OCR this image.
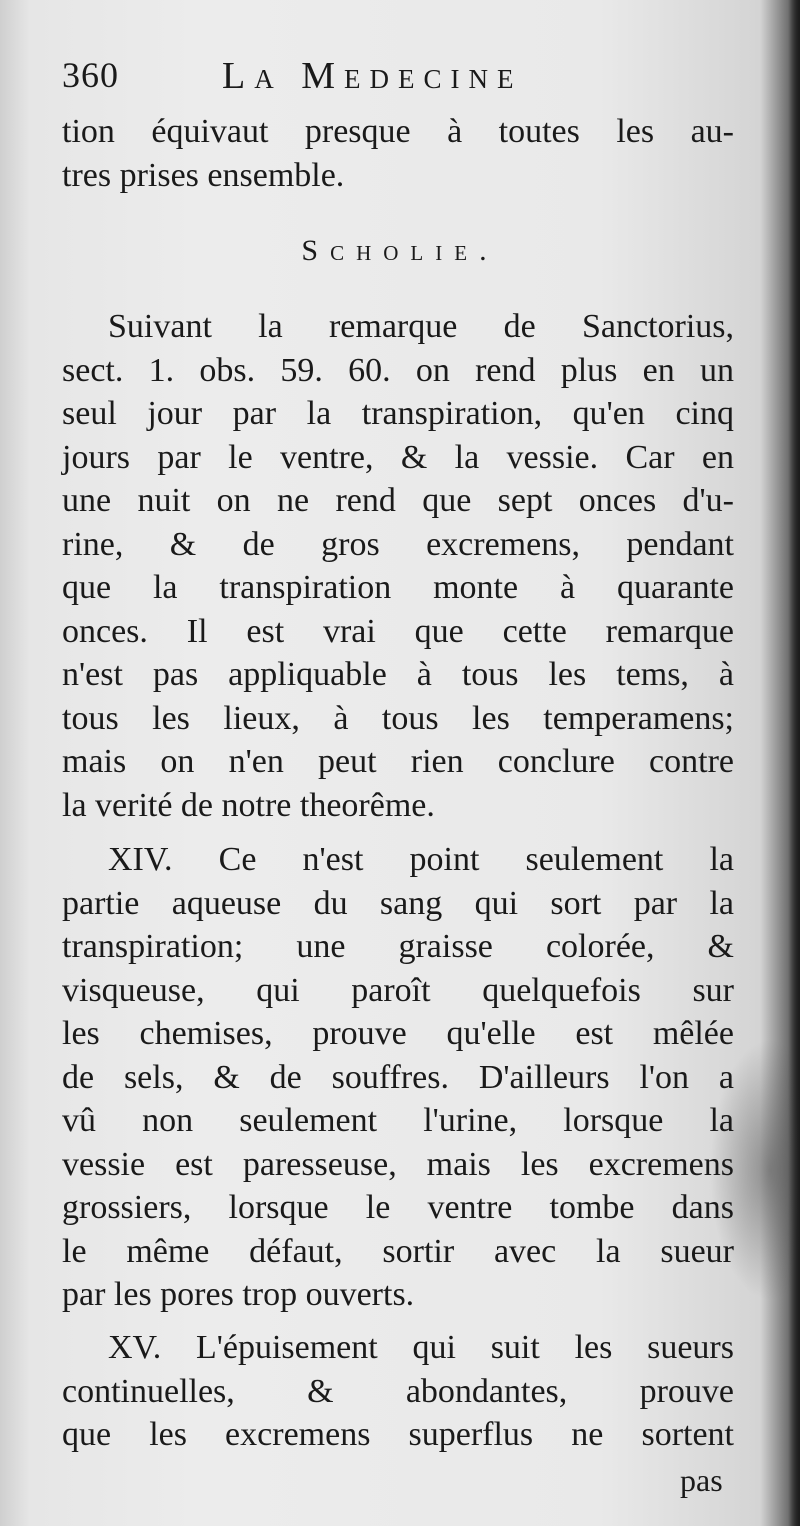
360	La Medecine
tion équivaut presque à toutes les au-
tres prises ensemble.
Scholie.
Suivant la remarque de Sanctorius,
sect. 1. obs. 59. 60. on rend plus en un
seul jour par la transpiration, qu'en cinq
jours par le ventre, & la vessie. Car en
une nuit on ne rend que sept onces d'u-
rine, & de gros excremens, pendant
que la transpiration monte à quarante
onces. Il est vrai que cette remarque
n'est pas appliquable à tous les tems, à
tous les lieux, à tous les temperamens;
mais on n'en peut rien conclure contre
la verité de notre theorême.
XIV. Ce n'est point seulement la
partie aqueuse du sang qui sort par la
transpiration; une graisse colorée, &
visqueuse, qui paroît quelquefois sur
les chemises, prouve qu'elle est mêlée
de sels, & de souffres. D'ailleurs l'on a
vû non seulement l'urine, lorsque la
vessie est paresseuse, mais les excremens
grossiers, lorsque le ventre tombe dans
le même défaut, sortir avec la sueur
par les pores trop ouverts.
XV. L'épuisement qui suit les sueurs
continuelles, & abondantes, prouve
que les excremens superflus ne sortent
pas
